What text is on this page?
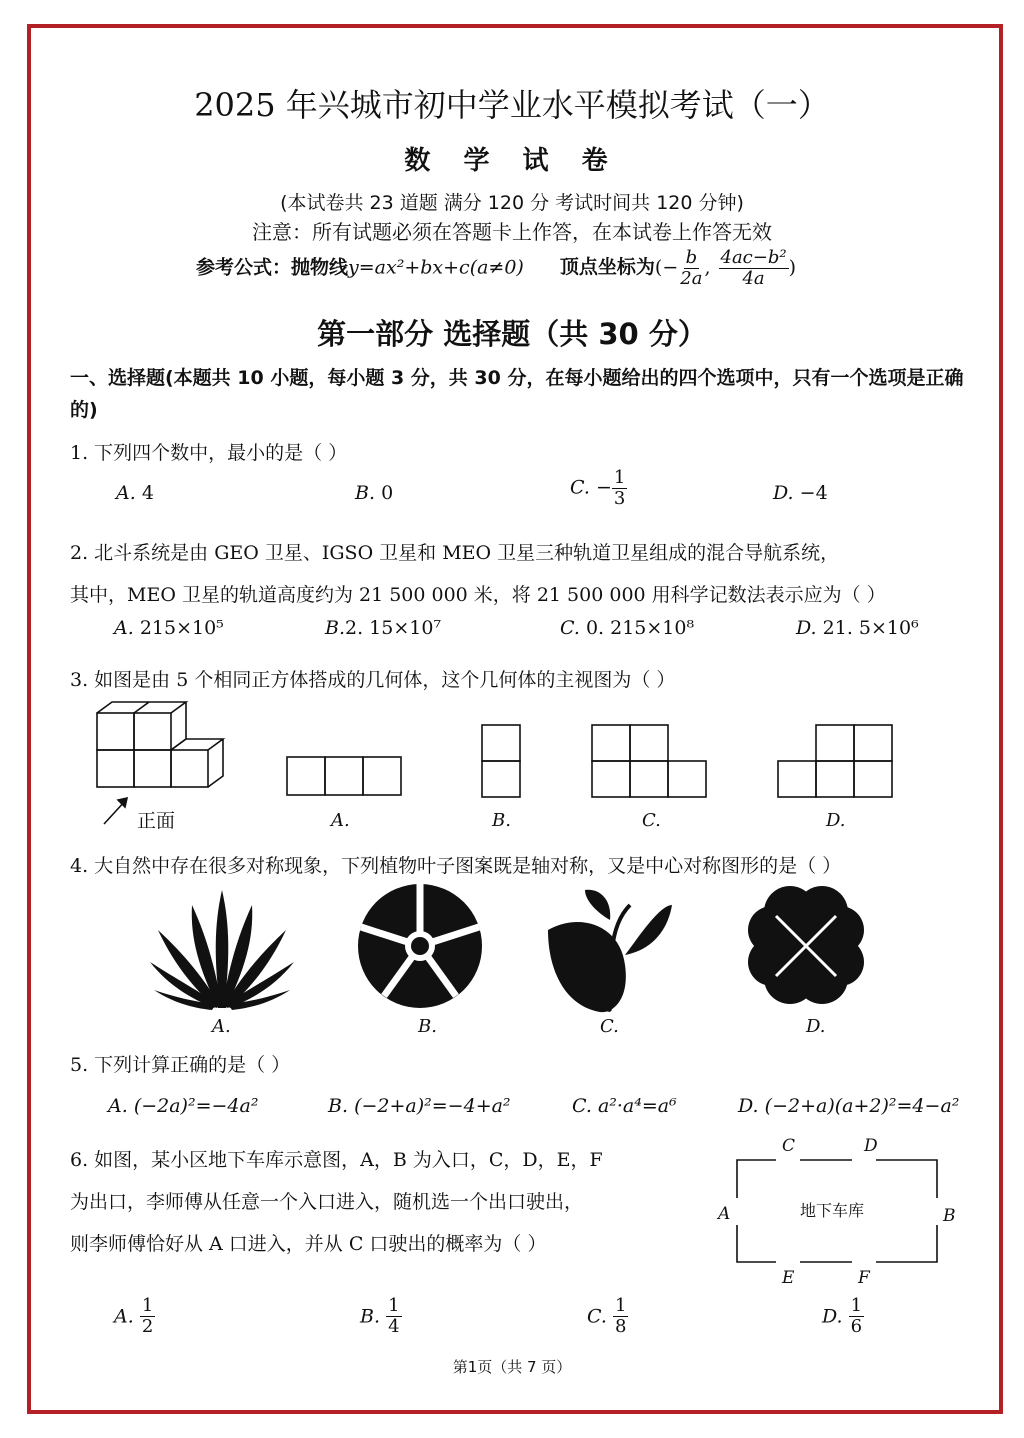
2025 年兴城市初中学业水平模拟考试（一）
数 学 试 卷
(本试卷共 23 道题 满分 120 分 考试时间共 120 分钟)
注意：所有试题必须在答题卡上作答，在本试卷上作答无效
参考公式：抛物线y=ax²+bx+c(a≠0) 顶点坐标为(− $\frac{b}{2a}$ , $\frac{\text{4ac−b²}}{4a}$ )
第一部分 选择题（共 30 分）
一、选择题(本题共 10 小题，每小题 3 分，共 30 分，在每小题给出的四个选项中，只有一个选项是正确的)
1. 下列四个数中，最小的是（ ）
A. 4	B. 0	C. − $\frac{1}{3}$	D. −4
2. 北斗系统是由 GEO 卫星、IGSO 卫星和 MEO 卫星三种轨道卫星组成的混合导航系统，
其中，MEO 卫星的轨道高度约为 21 500 000 米，将 21 500 000 用科学记数法表示应为（ ）
A. 215×10⁵	B.2. 15×10⁷	C. 0. 215×10⁸	D. 21. 5×10⁶
3. 如图是由 5 个相同正方体搭成的几何体，这个几何体的主视图为（ ）
正面	A.	B.	C.	D.
4. 大自然中存在很多对称现象，下列植物叶子图案既是轴对称，又是中心对称图形的是（ ）
A.	B.	C.	D.
5. 下列计算正确的是（ ）
A. (−2a)²=−4a²	B. (−2+a)²=−4+a²	C. a²·a⁴=a⁶	D. (−2+a)(a+2)²=4−a²
6. 如图，某小区地下车库示意图，A，B 为入口，C，D，E，F
为出口，李师傅从任意一个入口进入，随机选一个出口驶出，
则李师傅恰好从 A 口进入，并从 C 口驶出的概率为（ ）
地下车库
C	D
A	B
E	F
A. $\frac{1}{2}$	B. $\frac{1}{4}$	C. $\frac{1}{8}$	D. $\frac{1}{6}$
第1页（共 7 页）
